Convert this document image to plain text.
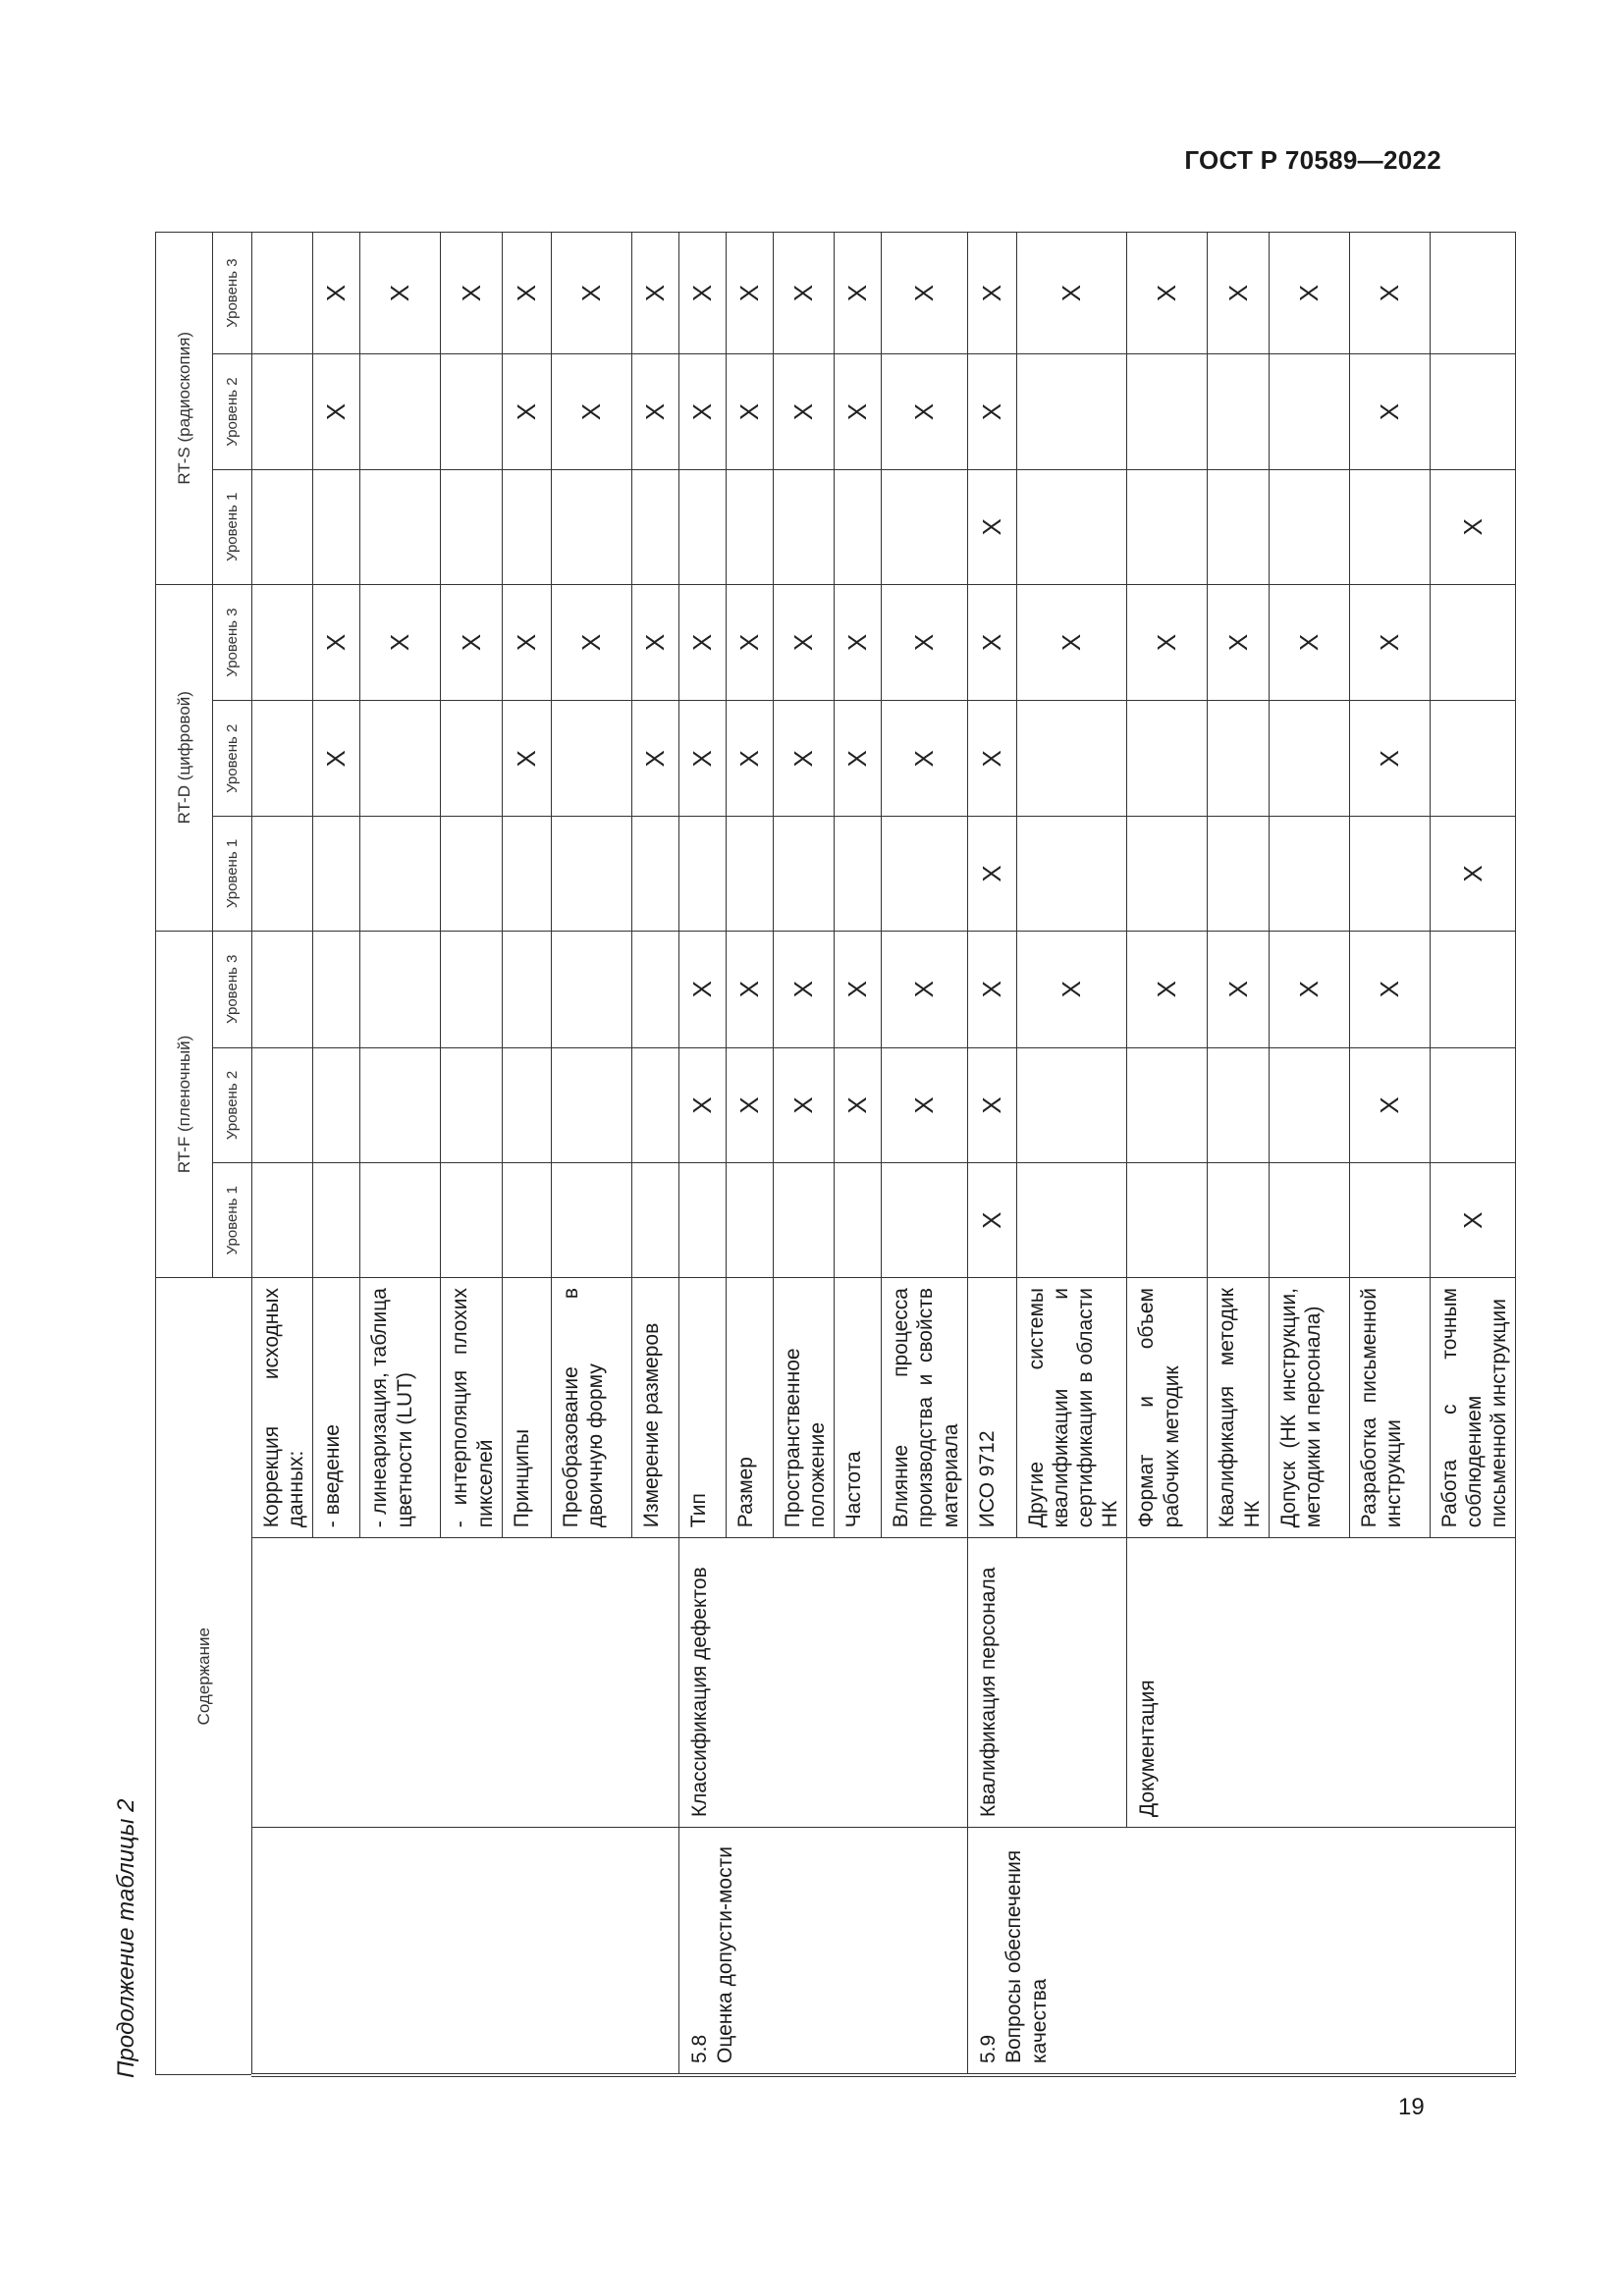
ГОСТ Р 70589—2022
Продолжение таблицы 2
19
Содержание			RT-F (пленочный)			RT-D (цифровой)			RT-S (радиоскопия)		
			Уровень 1	Уровень 2	Уровень 3	Уровень 1	Уровень 2	Уровень 3	Уровень 1	Уровень 2	Уровень 3
		Коррекция исходных данных:									
		- введение					X	X		X	X
		- линеаризация, таблица цветности (LUT)						X			X
		- интерполяция плохих пикселей						X			X
		Принципы					X	X		X	X
		Преобразование в двоичную форму						X		X	X
		Измерение размеров					X	X		X	X

5.8 Оценка допусти-мости	Классификация дефектов	Тип		X	X		X	X		X	X
		Размер		X	X		X	X		X	X
		Пространственное положение		X	X		X	X		X	X
		Частота		X	X		X	X		X	X
		Влияние процесса производства и свойств материала		X	X		X	X		X	X

5.9 Вопросы обеспечения качества	Квалификация персонала	ИСО 9712	X	X	X	X	X	X	X	X	X
		Другие системы квалификации и сертификации в области НК			X			X			X
	Документация	Формат и объем рабочих методик			X			X			X
		Квалификация методик НК			X			X			X
		Допуск (НК инструкции, методики и персонала)			X			X			X
		Разработка письменной инструкции		X	X		X	X		X	X
		Работа с точным соблюдением письменной инструкции	X			X			X		
